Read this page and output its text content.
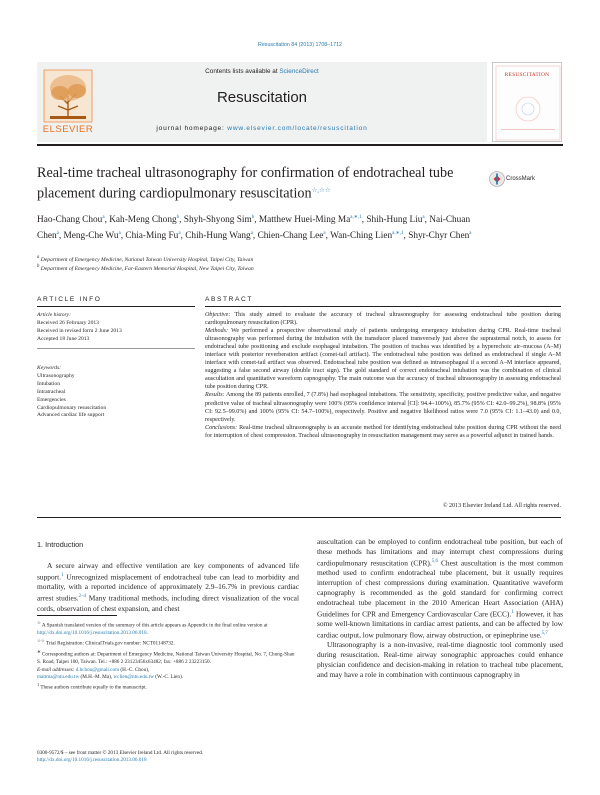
Resuscitation 84 (2013) 1708–1712
ELSEVIER
Contents lists available at ScienceDirect
Resuscitation
journal homepage: www.elsevier.com/locate/resuscitation
RESUSCITATION
Real-time tracheal ultrasonography for confirmation of endotracheal tube placement during cardiopulmonary resuscitation☆,☆☆
CrossMark
Hao-Chang Chou$^a$, Kah-Meng Chong$^b$, Shyh-Shyong Sim$^b$, Matthew Huei-Ming $Ma^{a,∗,1}$, Shih-Hung Liu$^a$, Nai-Chuan Chen$^a$, Meng-Che Wu$^a$, Chia-Ming Fu$^a$, Chih-Hung Wang$^a$, Chien-Chang Lee$^a$, Wan-Ching Lien$^{a,∗,1}$, Shyr-Chyr Chen$^a$
$^a$ Department of Emergency Medicine, National Taiwan University Hospital, Taipei City, Taiwan
$^b$ Department of Emergency Medicine, Far-Eastern Memorial Hospital, New Taipei City, Taiwan
ARTICLE INFO	ABSTRACT
Article history:
Received 26 February 2013
Received in revised form 2 June 2013
Accepted 18 June 2013
Keywords:
Ultrasonography
Intubation
Intratracheal
Emergencies
Cardiopulmonary resuscitation
Advanced cardiac life support

Objective: This study aimed to evaluate the accuracy of tracheal ultrasonography for assessing endotracheal tube position during cardiopulmonary resuscitation (CPR).

Methods: We performed a prospective observational study of patients undergoing emergency intubation during CPR. Real-time tracheal ultrasonography was performed during the intubation with the transducer placed transversely just above the suprasternal notch, to assess for endotracheal tube positioning and exclude esophageal intubation. The position of trachea was identified by a hyperechoic air–mucosa (A–M) interface with posterior reverberation artifact (comet-tail artifact). The endotracheal tube position was defined as endotracheal if single A–M interface with comet-tail artifact was observed. Endotracheal tube position was defined as intraesophageal if a second A–M interface appeared, suggesting a false second airway (double tract sign). The gold standard of correct endotracheal intubation was the combination of clinical auscultation and quantitative waveform capnography. The main outcome was the accuracy of tracheal ultrasonography in assessing endotracheal tube position during CPR.

Results: Among the 89 patients enrolled, 7 (7.8%) had esophageal intubations. The sensitivity, specificity, positive predictive value, and negative predictive value of tracheal ultrasonography were 100% (95% confidence interval [CI]: 94.4–100%), 85.7% (95% CI: 42.0–99.2%), 98.8% (95% CI: 92.5–99.0%) and 100% (95% CI: 54.7–100%), respectively. Positive and negative likelihood ratios were 7.0 (95% CI: 1.1–43.0) and 0.0, respectively.

Conclusions: Real-time tracheal ultrasonography is an accurate method for identifying endotracheal tube position during CPR without the need for interruption of chest compression. Tracheal ultrasonography in resuscitation management may serve as a powerful adjunct in trained hands.

© 2013 Elsevier Ireland Ltd. All rights reserved.
1. Introduction

A secure airway and effective ventilation are key components of advanced life support.$^1$ Unrecognized misplacement of endotracheal tube can lead to morbidity and mortality, with a reported incidence of approximately 2.9–16.7% in previous cardiac arrest studies.$^{2-4}$ Many traditional methods, including direct visualization of the vocal cords, observation of chest expansion, and chest

auscultation can be employed to confirm endotracheal tube position, but each of these methods has limitations and may interrupt chest compressions during cardiopulmonary resuscitation (CPR).$^{5,6}$ Chest auscultation is the most common method used to confirm endotracheal tube placement, but it usually requires interruption of chest compressions during examination. Quantitative waveform capnography is recommended as the gold standard for confirming correct endotracheal tube placement in the 2010 American Heart Association (AHA) Guidelines for CPR and Emergency Cardiovascular Care (ECC).$^1$ However, it has some well-known limitations in cardiac arrest patients, and can be affected by low cardiac output, low pulmonary flow, airway obstruction, or epinephrine use.$^{5,7}$

Ultrasonography is a non-invasive, real-time diagnostic tool commonly used during resuscitation. Real-time airway sonographic approaches could enhance physician confidence and decision-making in relation to tracheal tube placement, and may have a role in combination with continuous capnography in

☆ A Spanish translated version of the summary of this article appears as Appendix in the final online version at http://dx.doi.org/10.1016/j.resuscitation.2013.06.018.

☆☆ Trial Registration: ClinicalTrials.gov number: NCT01148732.

∗ Corresponding authors at: Department of Emergency Medicine, National Taiwan University Hospital, No. 7, Chung-Shan S. Road, Taipei 100, Taiwan. Tel.: +886 2 23123456x63482; fax: +886 2 23223150.

E-mail addresses: d.hchou@gmail.com (H.-C. Chou),
mattma@ntu.edu.tw (M.H.-M. Ma), wclien@ntu.edu.tw (W.-C. Lien).

$^1$ These authors contribute equally to the manuscript.

0300-9572/$ – see front matter © 2013 Elsevier Ireland Ltd. All rights reserved.
http://dx.doi.org/10.1016/j.resuscitation.2013.06.018
